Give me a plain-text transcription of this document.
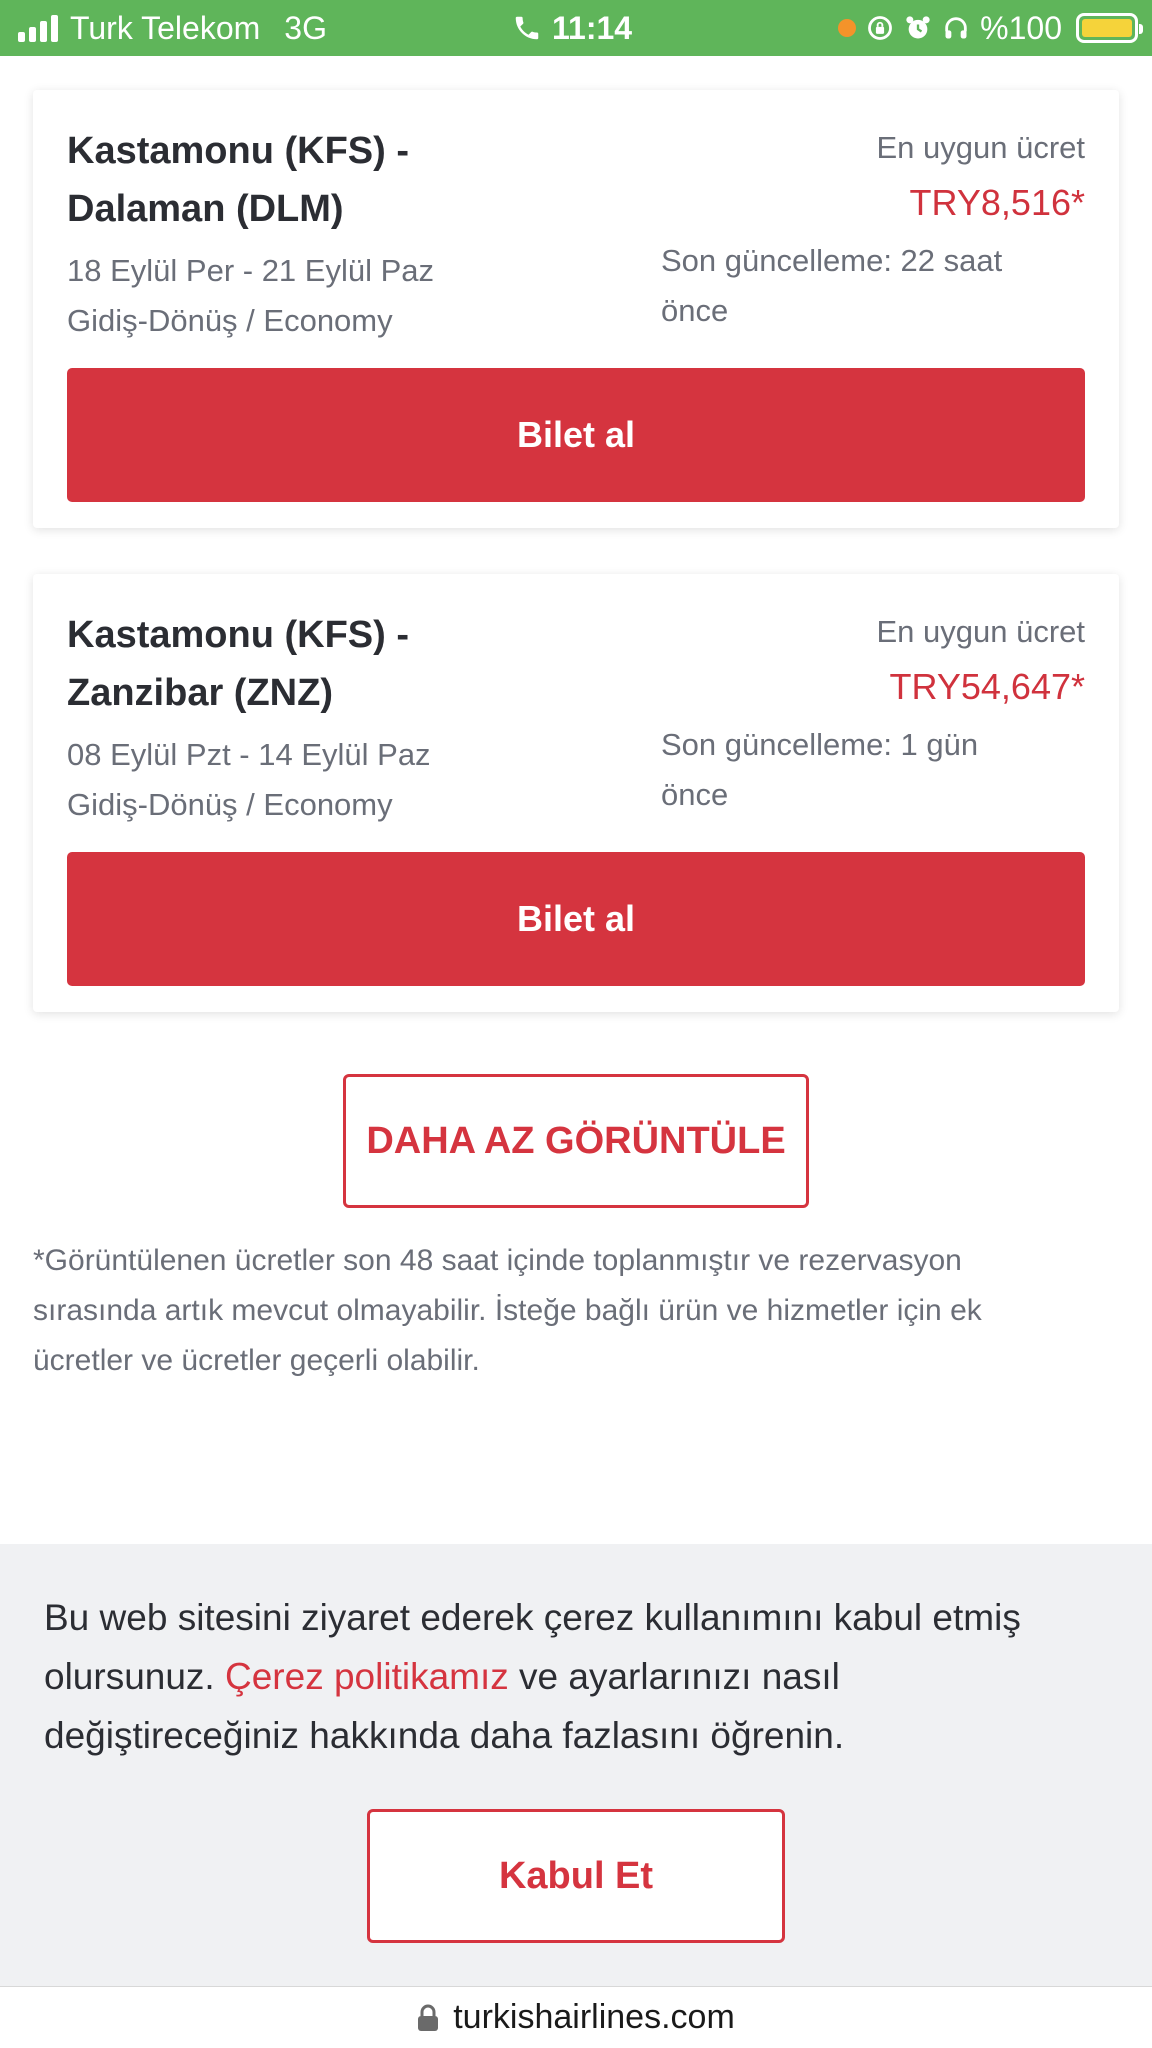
Turk Telekom 3G	11:14	%100
Kastamonu (KFS) -
Dalaman (DLM)
18 Eylül Per - 21 Eylül Paz
Gidiş-Dönüş / Economy
En uygun ücret
TRY8,516*
Son güncelleme: 22 saat
önce
Bilet al
Kastamonu (KFS) -
Zanzibar (ZNZ)
08 Eylül Pzt - 14 Eylül Paz
Gidiş-Dönüş / Economy
En uygun ücret
TRY54,647*
Son güncelleme: 1 gün
önce
Bilet al
DAHA AZ GÖRÜNTÜLE
*Görüntülenen ücretler son 48 saat içinde toplanmıştır ve rezervasyon
sırasında artık mevcut olmayabilir. İsteğe bağlı ürün ve hizmetler için ek
ücretler ve ücretler geçerli olabilir.
Bu web sitesini ziyaret ederek çerez kullanımını kabul etmiş
olursunuz. Çerez politikamız ve ayarlarınızı nasıl
değiştireceğiniz hakkında daha fazlasını öğrenin.
Kabul Et
turkishairlines.com
